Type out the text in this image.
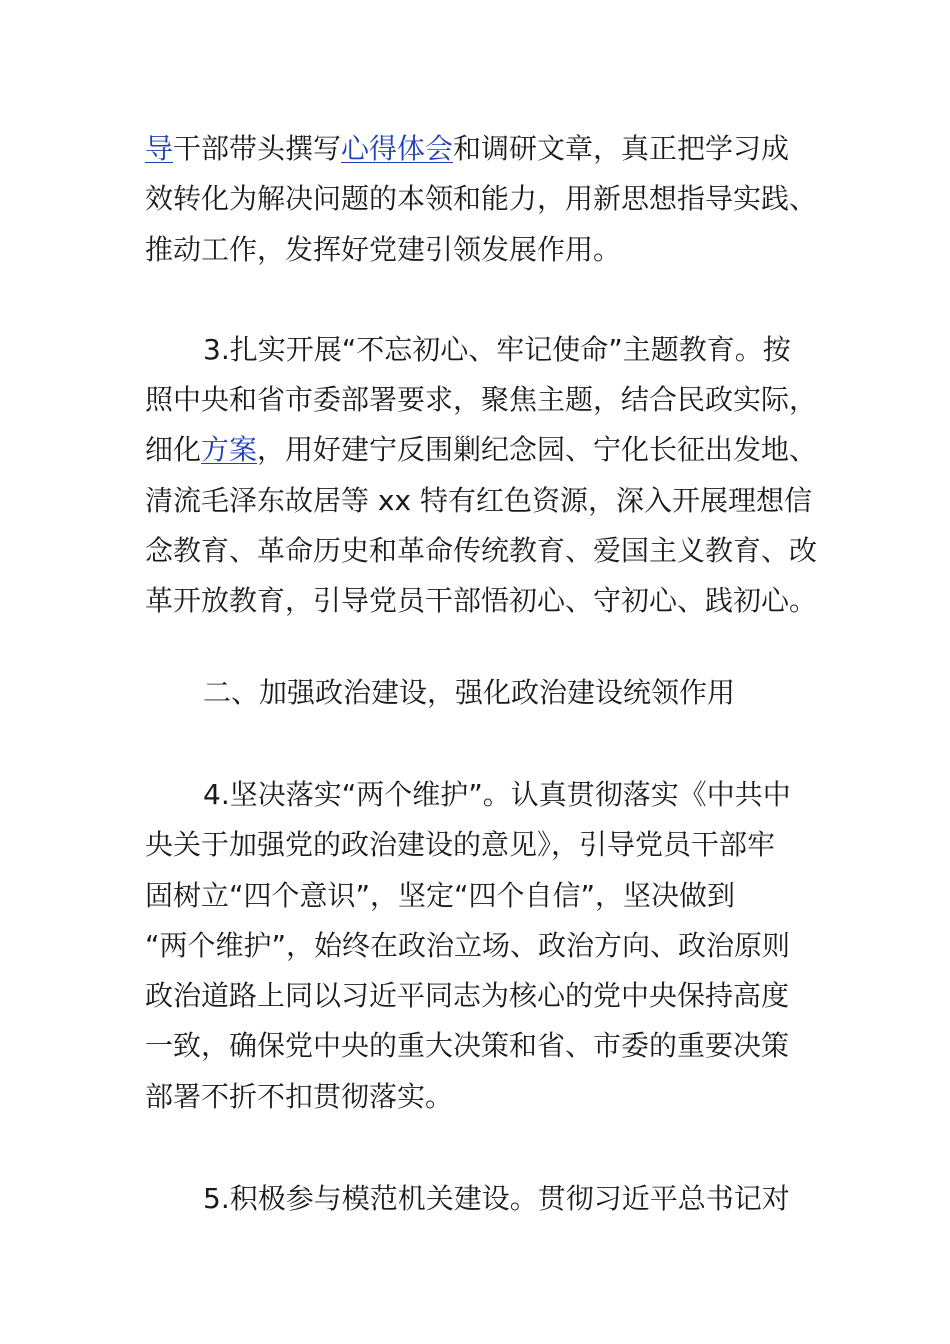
导干部带头撰写心得体会和调研文章，真正把学习成
效转化为解决问题的本领和能力，用新思想指导实践、
推动工作，发挥好党建引领发展作用。

3.扎实开展“不忘初心、牢记使命”主题教育。按
照中央和省市委部署要求，聚焦主题，结合民政实际，
细化方案，用好建宁反围剿纪念园、宁化长征出发地、
清流毛泽东故居等 xx 特有红色资源，深入开展理想信
念教育、革命历史和革命传统教育、爱国主义教育、改
革开放教育，引导党员干部悟初心、守初心、践初心。

二、加强政治建设，强化政治建设统领作用

4.坚决落实“两个维护”。认真贯彻落实《中共中
央关于加强党的政治建设的意见》，引导党员干部牢
固树立“四个意识”，坚定“四个自信”，坚决做到
“两个维护”，始终在政治立场、政治方向、政治原则
政治道路上同以习近平同志为核心的党中央保持高度
一致，确保党中央的重大决策和省、市委的重要决策
部署不折不扣贯彻落实。

5.积极参与模范机关建设。贯彻习近平总书记对
